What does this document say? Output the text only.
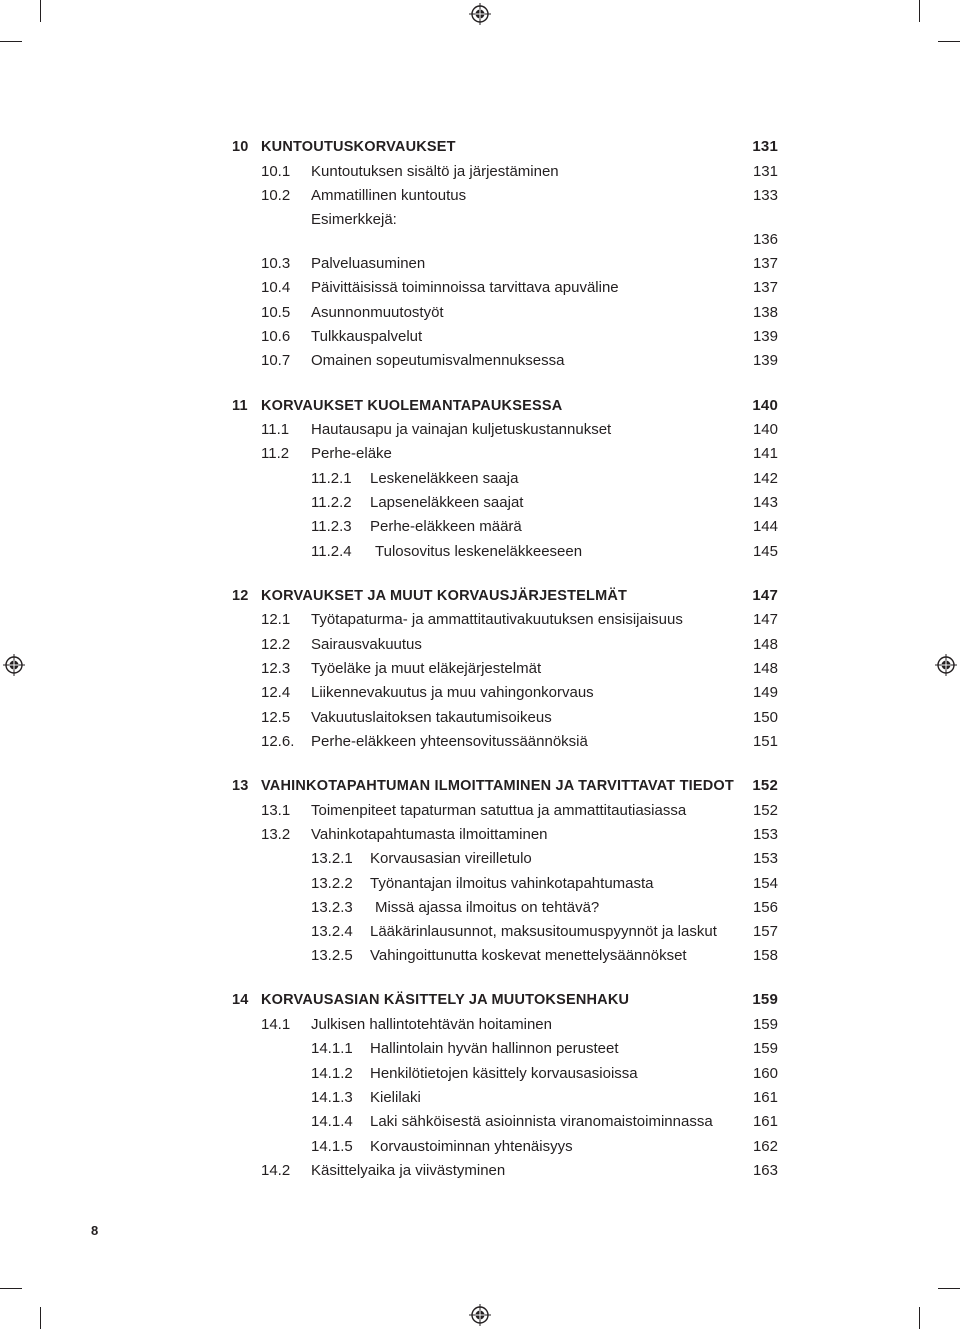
10 KUNTOUTUSKORVAUKSET	131
10.1 Kuntoutuksen sisältö ja järjestäminen	131
10.2 Ammatillinen kuntoutus	133
Esimerkkejä:
136
10.3 Palveluasuminen	137
10.4 Päivittäisissä toiminnoissa tarvittava apuväline	137
10.5 Asunnonmuutostyöt	138
10.6 Tulkkauspalvelut	139
10.7 Omainen sopeutumisvalmennuksessa	139
11 KORVAUKSET KUOLEMANTAPAUKSESSA	140
11.1 Hautausapu ja vainajan kuljetuskustannukset	140
11.2 Perhe-eläke	141
11.2.1 Leskeneläkkeen saaja	142
11.2.2 Lapseneläkkeen saajat	143
11.2.3 Perhe-eläkkeen määrä	144
11.2.4 Tulosovitus leskeneläkkeeseen	145
12 KORVAUKSET JA MUUT KORVAUSJÄRJESTELMÄT	147
12.1 Työtapaturma- ja ammattitautivakuutuksen ensisijaisuus	147
12.2 Sairausvakuutus	148
12.3 Työeläke ja muut eläkejärjestelmät	148
12.4 Liikennevakuutus ja muu vahingonkorvaus	149
12.5 Vakuutuslaitoksen takautumisoikeus	150
12.6. Perhe-eläkkeen yhteensovitussäännöksiä	151
13 VAHINKOTAPAHTUMAN ILMOITTAMINEN JA TARVITTAVAT TIEDOT 152
13.1 Toimenpiteet tapaturman satuttua ja ammattitautiasiassa	152
13.2 Vahinkotapahtumasta ilmoittaminen	153
13.2.1 Korvausasian vireilletulo	153
13.2.2 Työnantajan ilmoitus vahinkotapahtumasta	154
13.2.3 Missä ajassa ilmoitus on tehtävä?	156
13.2.4 Lääkärinlausunnot, maksusitoumuspyynnöt ja laskut 157
13.2.5 Vahingoittunutta koskevat menettelysäännökset	158
14 KORVAUSASIAN KÄSITTELY JA MUUTOKSENHAKU	159
14.1 Julkisen hallintotehtävän hoitaminen	159
14.1.1 Hallintolain hyvän hallinnon perusteet	159
14.1.2 Henkilötietojen käsittely korvausasioissa	160
14.1.3 Kielilaki	161
14.1.4 Laki sähköisestä asioinnista viranomaistoiminnassa	161
14.1.5 Korvaustoiminnan yhtenäisyys	162
14.2 Käsittelyaika ja viivästyminen	163
8
